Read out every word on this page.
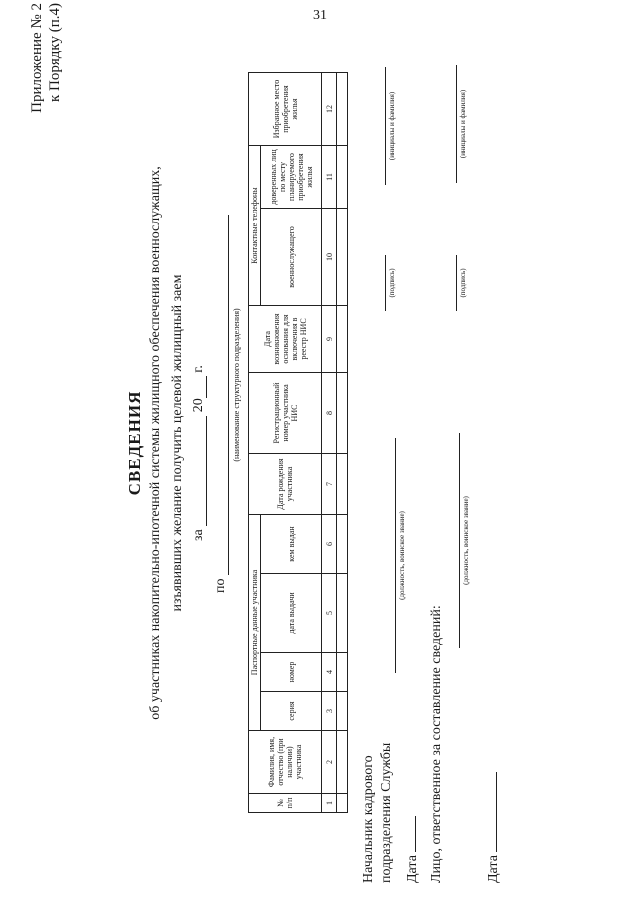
31
Приложение № 2 к Порядку (п.4)
СВЕДЕНИЯ об участниках накопительно-ипотечной системы жилищного обеспечения военнослужащих, изъявивших желание получить целевой жилищный заем за  20 г.
по
(наименование структурного подразделения)
№ п/п	Фамилия, имя, отчество (при наличии) участника	Паспортные данные участника				Дата рождения участника	Регистрационный номер участника НИС	Дата возникновения основания для включения в реестр НИС	Контактные телефоны		Избранное место приобретения жилья
		серия	номер	дата выдачи	кем выдан				военнослужащего	доверенных лиц по месту планируемого приобретения жилья	
1	2	3	4	5	6	7	8	9	10	11	12

Начальник кадрового подразделения Службы
(должность, воинское звание)
(подпись)
(инициалы и фамилия)
Дата Лицо, ответственное за составление сведений:
(должность, воинское звание)
(подпись)
(инициалы и фамилия)
Дата
